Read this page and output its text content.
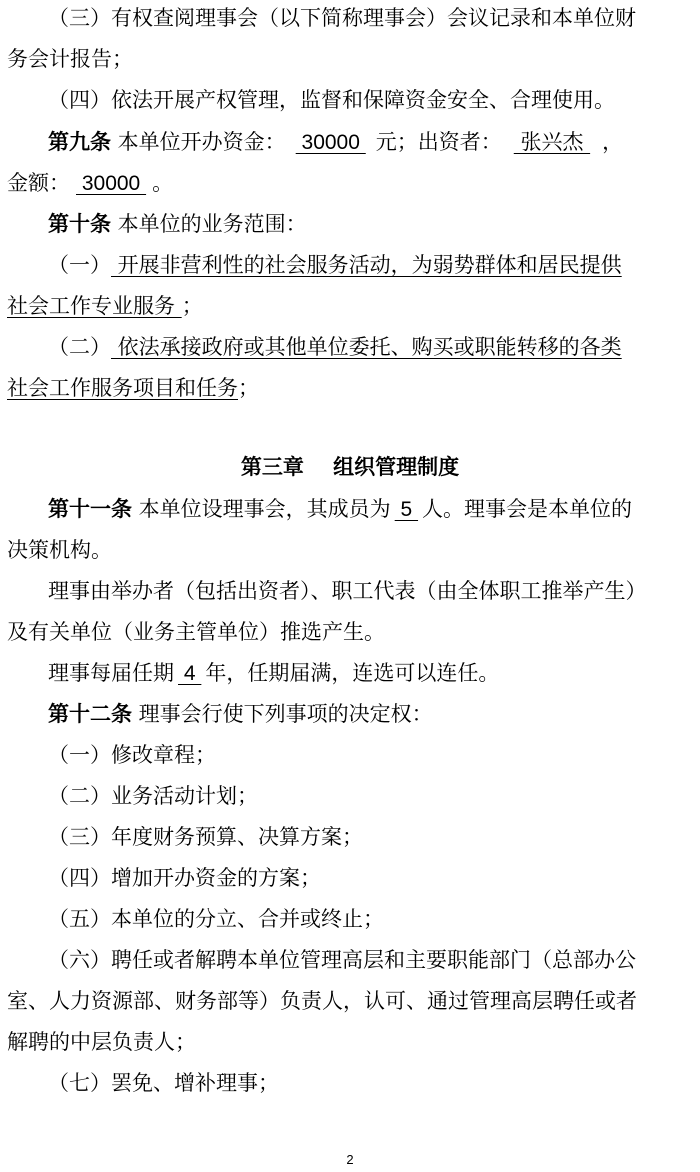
（三）有权查阅理事会（以下简称理事会）会议记录和本单位财
务会计报告；
（四）依法开展产权管理，监督和保障资金安全、合理使用。
第九条 本单位开办资金： 30000 元；出资者： 张兴杰 ，
金额： 30000 。
第十条 本单位的业务范围：
（一） 开展非营利性的社会服务活动，为弱势群体和居民提供
社会工作专业服务 ；
（二） 依法承接政府或其他单位委托、购买或职能转移的各类
社会工作服务项目和任务；
第三章    组织管理制度
第十一条 本单位设理事会，其成员为 5 人。理事会是本单位的
决策机构。
理事由举办者（包括出资者）、职工代表（由全体职工推举产生）
及有关单位（业务主管单位）推选产生。
理事每届任期 4 年，任期届满，连选可以连任。
第十二条 理事会行使下列事项的决定权：
（一）修改章程；
（二）业务活动计划；
（三）年度财务预算、决算方案；
（四）增加开办资金的方案；
（五）本单位的分立、合并或终止；
（六）聘任或者解聘本单位管理高层和主要职能部门（总部办公
室、人力资源部、财务部等）负责人，认可、通过管理高层聘任或者
解聘的中层负责人；
（七）罢免、增补理事；
2
